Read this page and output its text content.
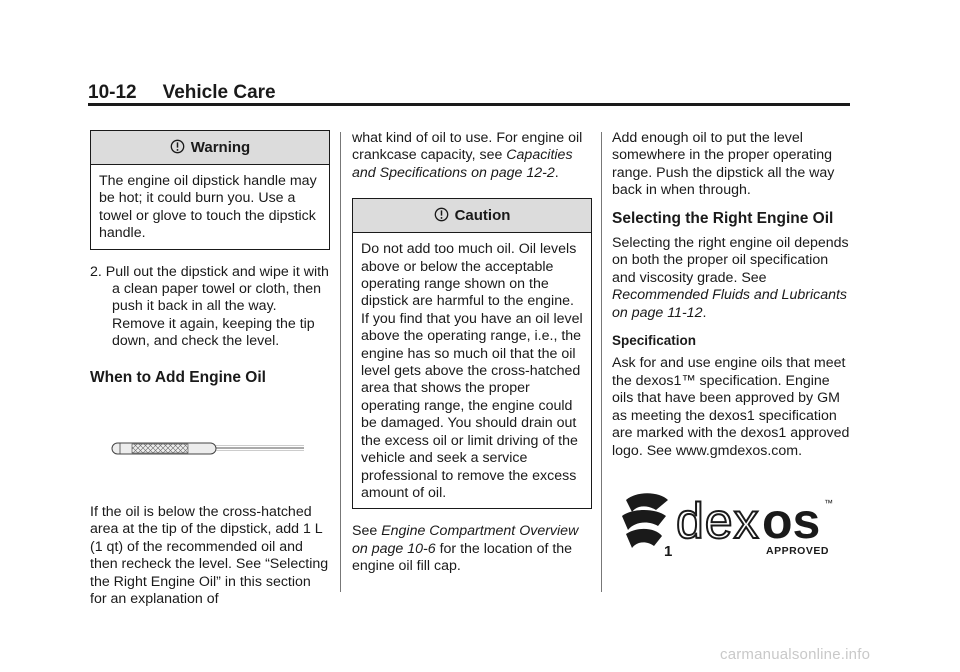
10-12 Vehicle Care
Warning

The engine oil dipstick handle may be hot; it could burn you. Use a towel or glove to touch the dipstick handle.

2. Pull out the dipstick and wipe it with a clean paper towel or cloth, then push it back in all the way. Remove it again, keeping the tip down, and check the level.

When to Add Engine Oil

If the oil is below the cross-hatched area at the tip of the dipstick, add 1 L (1 qt) of the recommended oil and then recheck the level. See “Selecting the Right Engine Oil” in this section for an explanation of

what kind of oil to use. For engine oil crankcase capacity, see Capacities and Specifications on page 12-2.

Caution

Do not add too much oil. Oil levels above or below the acceptable operating range shown on the dipstick are harmful to the engine. If you find that you have an oil level above the operating range, i.e., the engine has so much oil that the oil level gets above the cross-hatched area that shows the proper operating range, the engine could be damaged. You should drain out the excess oil or limit driving of the vehicle and seek a service professional to remove the excess amount of oil.

See Engine Compartment Overview on page 10-6 for the location of the engine oil fill cap.

Add enough oil to put the level somewhere in the proper operating range. Push the dipstick all the way back in when through.

Selecting the Right Engine Oil

Selecting the right engine oil depends on both the proper oil specification and viscosity grade. See Recommended Fluids and Lubricants on page 11-12.

Specification

Ask for and use engine oils that meet the dexos1™ specification. Engine oils that have been approved by GM as meeting the dexos1 specification are marked with the dexos1 approved logo. See www.gmdexos.com.

1
dex os ™
APPROVED
carmanualsonline.info
